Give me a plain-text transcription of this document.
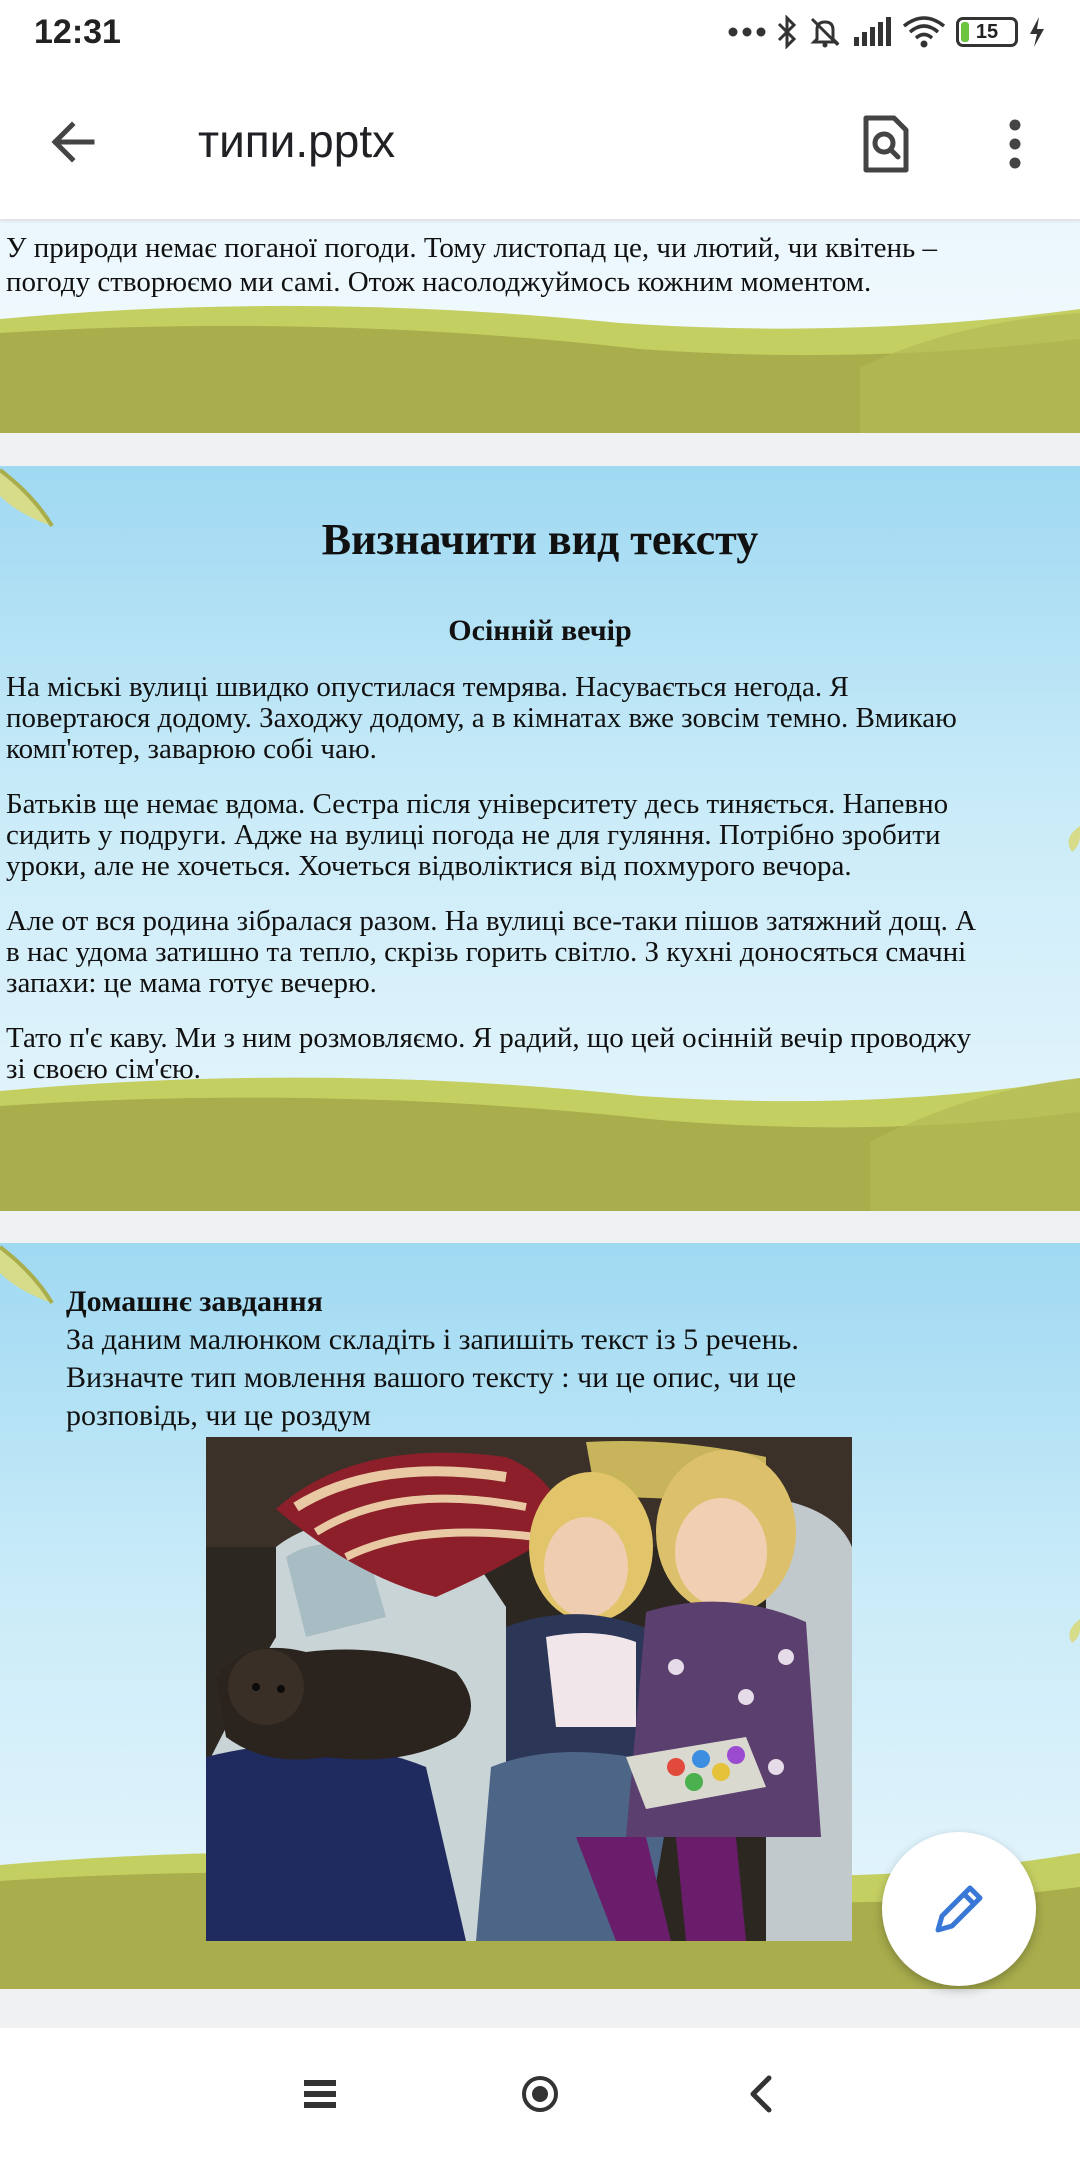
12:31	15
типи.pptx
У природи немає поганої погоди. Тому листопад це, чи лютий, чи квітень –
погоду створюємо ми самі. Отож насолоджуймось кожним моментом.
Визначити вид тексту
Осінній вечір
На міські вулиці швидко опустилася темрява. Насувається негода. Я
повертаюся додому. Заходжу додому, а в кімнатах вже зовсім темно. Вмикаю
комп'ютер, заварюю собі чаю.
Батьків ще немає вдома. Сестра після університету десь тиняється. Напевно
сидить у подруги. Адже на вулиці погода не для гуляння. Потрібно зробити
уроки, але не хочеться. Хочеться відволіктися від похмурого вечора.
Але от вся родина зібралася разом. На вулиці все-таки пішов затяжний дощ. А
в нас удома затишно та тепло, скрізь горить світло. З кухні доносяться смачні
запахи: це мама готує вечерю.
Тато п'є каву. Ми з ним розмовляємо. Я радий, що цей осінній вечір проводжу
зі своєю сім'єю.
Домашнє завдання
За даним малюнком складіть і запишіть текст із 5 речень.
Визначте тип мовлення вашого тексту : чи це опис, чи це
розповідь, чи це роздум
